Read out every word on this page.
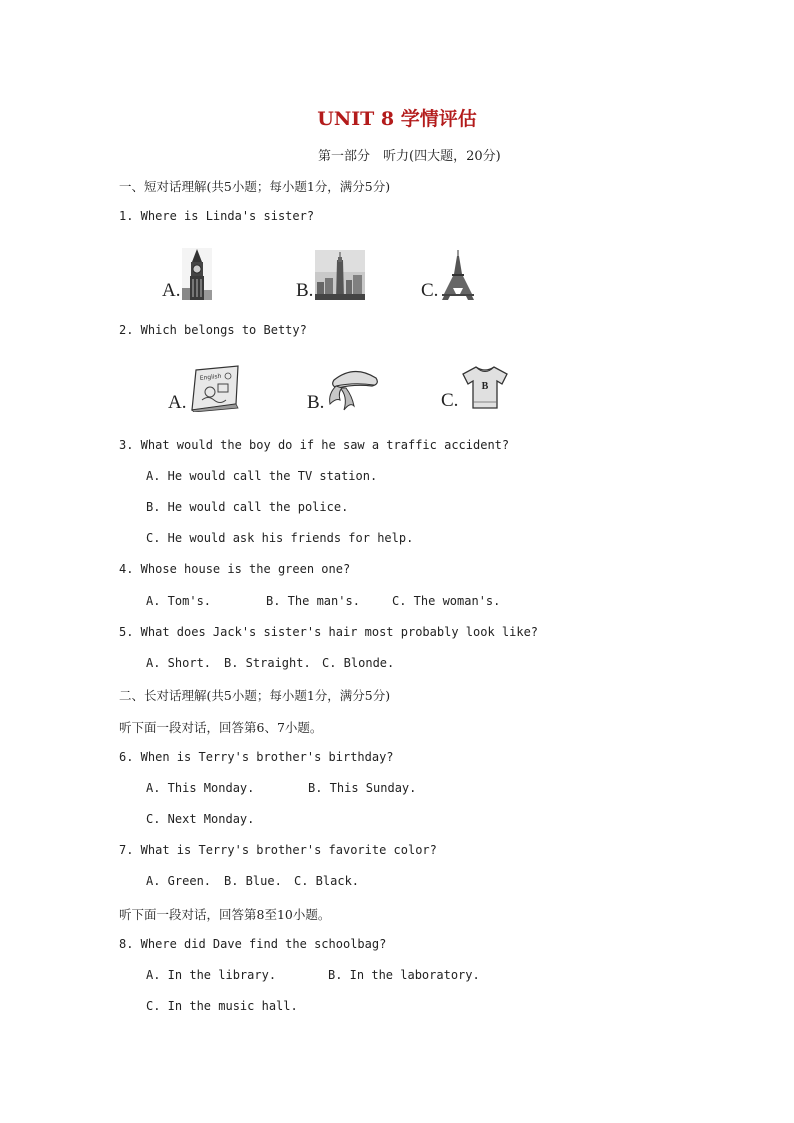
UNIT 8 学情评估
第一部分　听力(四大题，20分)
一、短对话理解(共5小题；每小题1分，满分5分)
1. Where is Linda's sister?
A.	B.	C.
2. Which belongs to Betty?
A.
English
B.	C.
B
3. What would the boy do if he saw a traffic accident?
A. He would call the TV station.
B. He would call the police.
C. He would ask his friends for help.
4. Whose house is the green one?
A. Tom's.	B. The man's.	C. The woman's.
5. What does Jack's sister's hair most probably look like?
A. Short. B. Straight. C. Blonde.
二、长对话理解(共5小题；每小题1分，满分5分)
听下面一段对话，回答第6、7小题。
6. When is Terry's brother's birthday?
A. This Monday.	B. This Sunday.
C. Next Monday.
7. What is Terry's brother's favorite color?
A. Green. B. Blue. C. Black.
听下面一段对话，回答第8至10小题。
8. Where did Dave find the schoolbag?
A. In the library.	B. In the laboratory.
C. In the music hall.
